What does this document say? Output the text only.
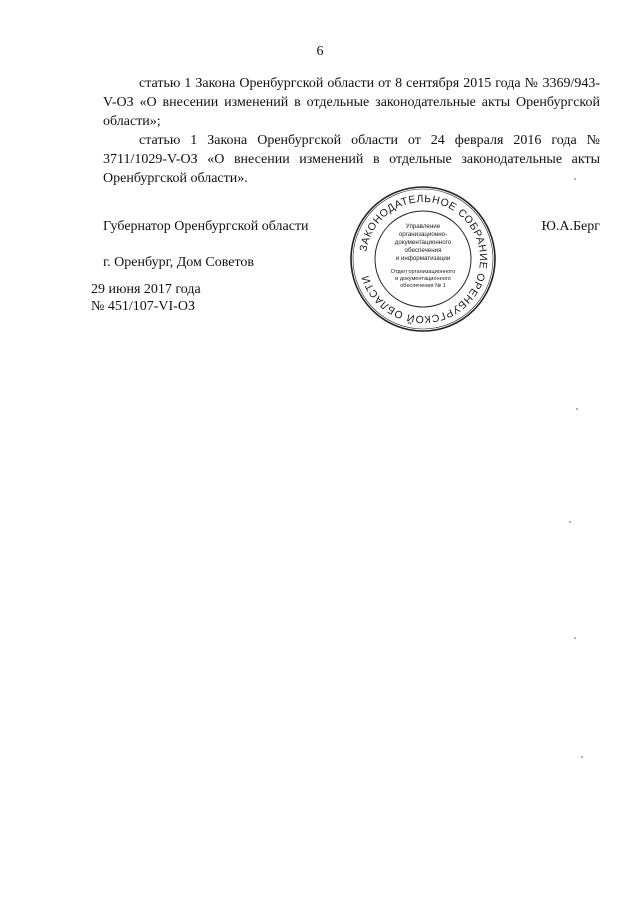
6

статью 1 Закона Оренбургской области от 8 сентября 2015 года № 3369/943-V-ОЗ «О внесении изменений в отдельные законодательные акты Оренбургской области»;

статью 1 Закона Оренбургской области от 24 февраля 2016 года № 3711/1029-V-ОЗ «О внесении изменений в отдельные законодательные акты Оренбургской области».

Губернатор Оренбургской области	Ю.А.Берг
г. Оренбург, Дом Советов
29 июня 2017 года
№ 451/107-VI-ОЗ
ЗАКОНОДАТЕЛЬНОЕ СОБРАНИЕ ОРЕНБУРГСКОЙ ОБЛАСТИ
Управление
организационно-
документационного
обеспечения
и информатизации
Отдел организационного
и документационного
обеспечения № 1
